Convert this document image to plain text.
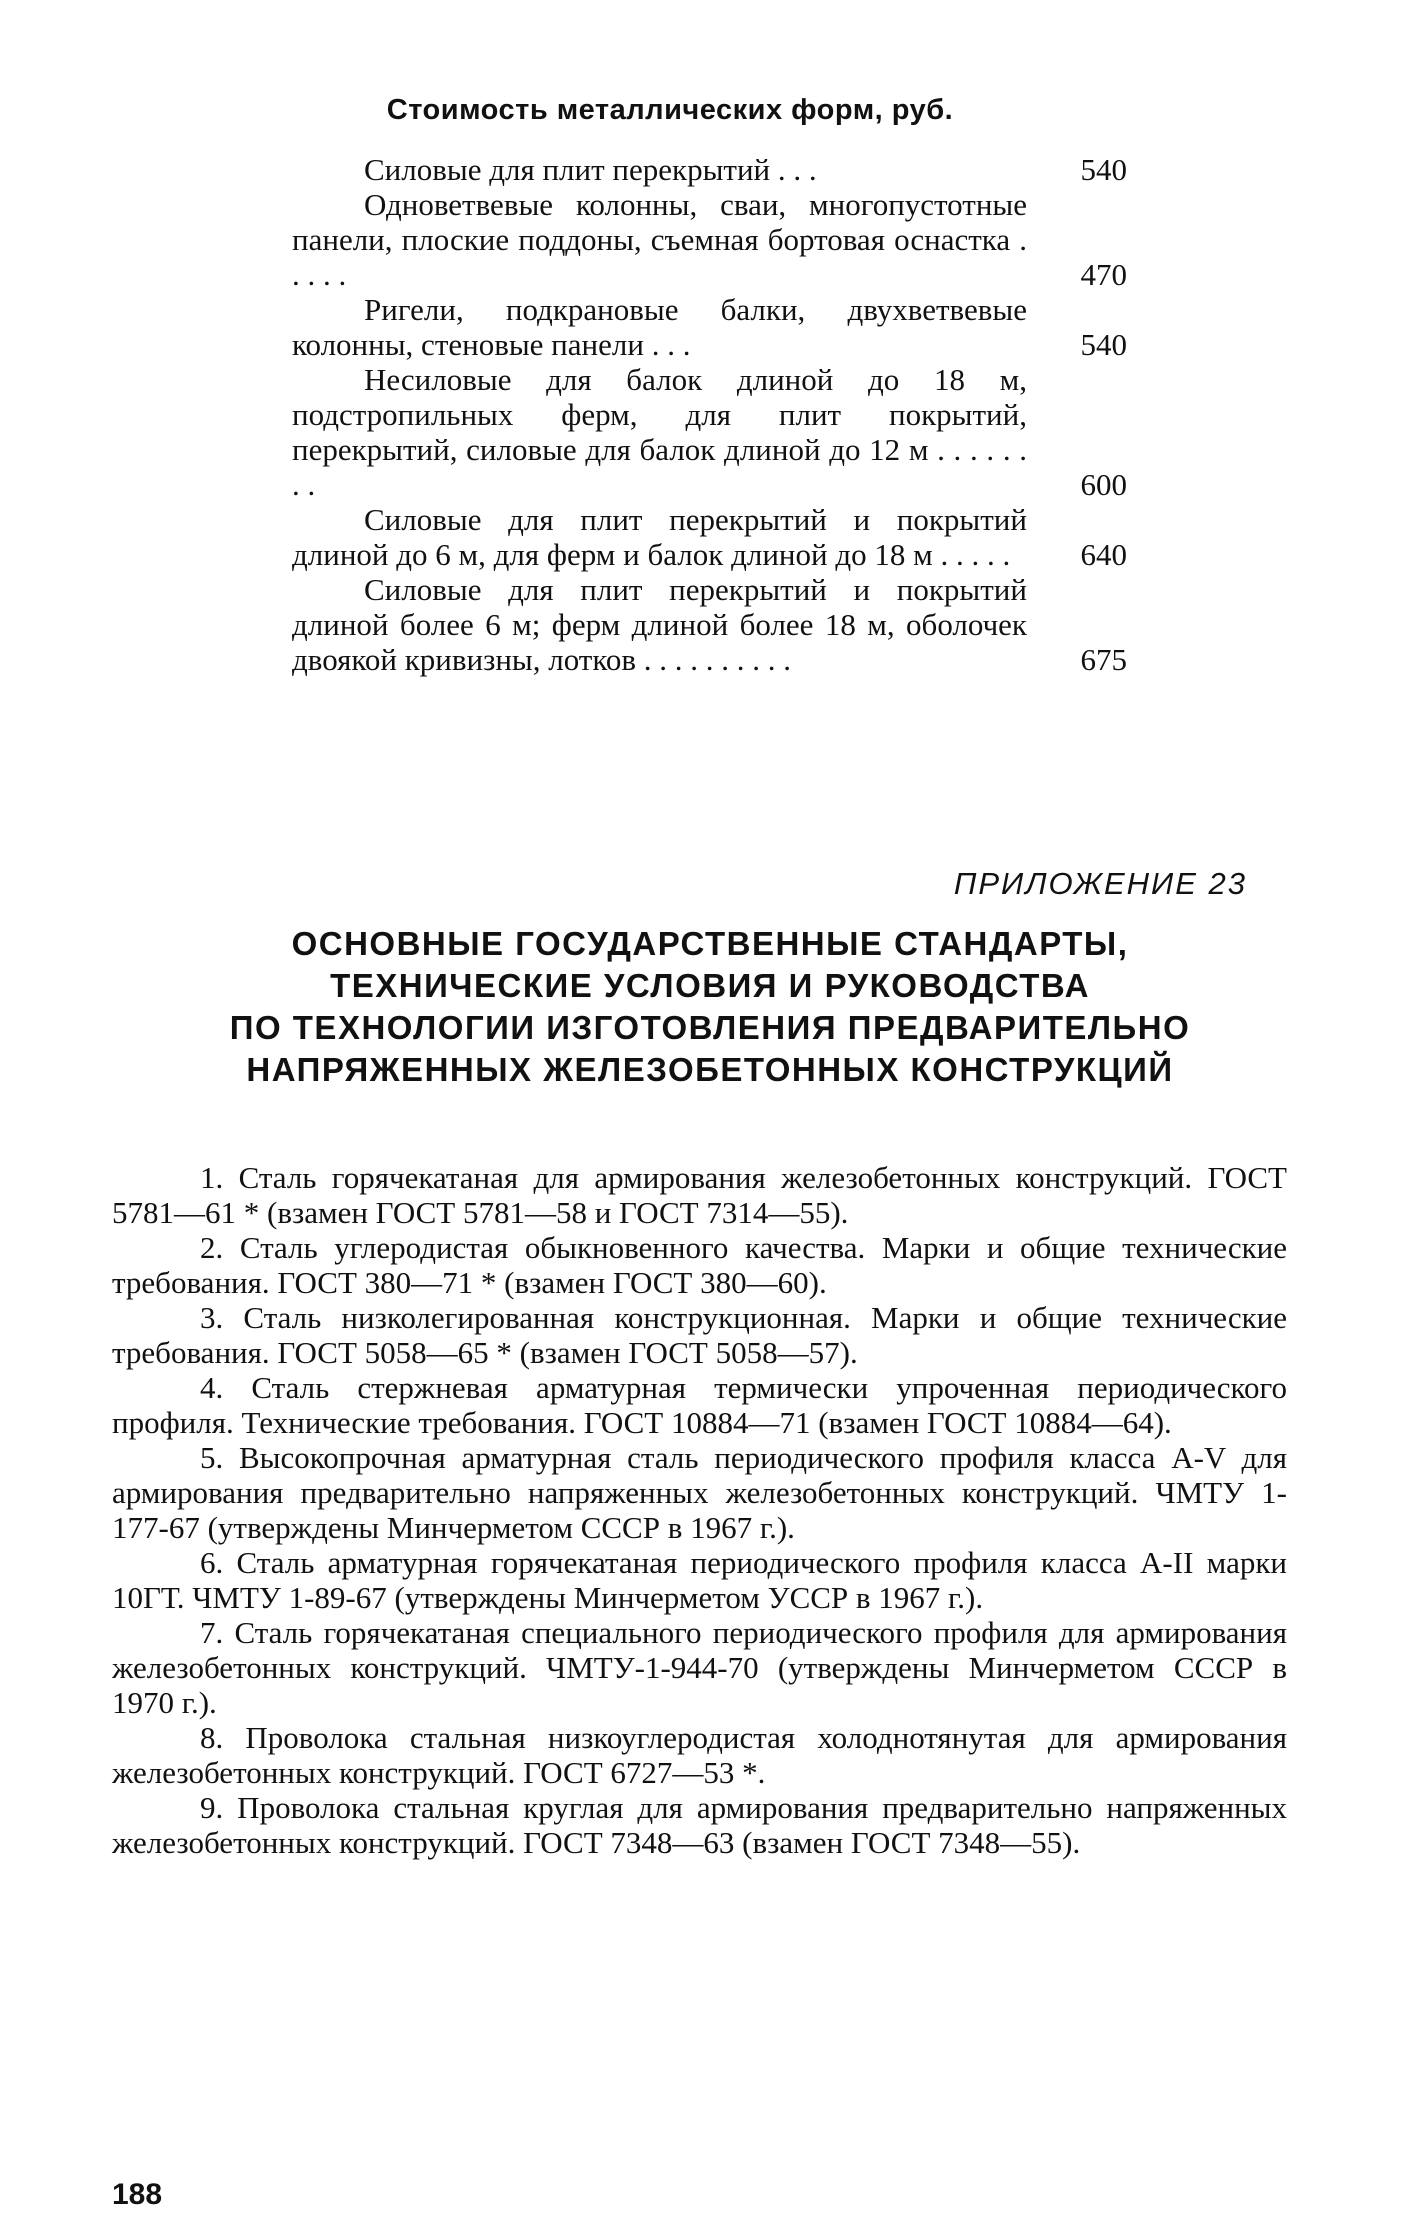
Стоимость металлических форм, руб.
Силовые для плит перекрытий . . .	540
Одноветвевые колонны, сваи, многопустотные панели, плоские поддоны, съемная бортовая оснастка . . . . .	470
Ригели, подкрановые балки, двухветвевые колонны, стеновые панели . . .	540
Несиловые для балок длиной до 18 м, подстропильных ферм, для плит покрытий, перекрытий, силовые для балок длиной до 12 м . . . . . . . .	600
Силовые для плит перекрытий и покрытий длиной до 6 м, для ферм и балок длиной до 18 м . . . . .	640
Силовые для плит перекрытий и покрытий длиной более 6 м; ферм длиной более 18 м, оболочек двоякой кривизны, лотков . . . . . . . . . .	675
ПРИЛОЖЕНИЕ 23
ОСНОВНЫЕ ГОСУДАРСТВЕННЫЕ СТАНДАРТЫ,
ТЕХНИЧЕСКИЕ УСЛОВИЯ И РУКОВОДСТВА
ПО ТЕХНОЛОГИИ ИЗГОТОВЛЕНИЯ ПРЕДВАРИТЕЛЬНО
НАПРЯЖЕННЫХ ЖЕЛЕЗОБЕТОННЫХ КОНСТРУКЦИЙ
1. Сталь горячекатаная для армирования железобетонных конструкций. ГОСТ 5781—61 * (взамен ГОСТ 5781—58 и ГОСТ 7314—55).
2. Сталь углеродистая обыкновенного качества. Марки и общие технические требования. ГОСТ 380—71 * (взамен ГОСТ 380—60).
3. Сталь низколегированная конструкционная. Марки и общие технические требования. ГОСТ 5058—65 * (взамен ГОСТ 5058—57).
4. Сталь стержневая арматурная термически упроченная периодического профиля. Технические требования. ГОСТ 10884—71 (взамен ГОСТ 10884—64).
5. Высокопрочная арматурная сталь периодического профиля класса A-V для армирования предварительно напряженных железобетонных конструкций. ЧМТУ 1-177-67 (утверждены Минчерметом СССР в 1967 г.).
6. Сталь арматурная горячекатаная периодического профиля класса A-II марки 10ГТ. ЧМТУ 1-89-67 (утверждены Минчерметом УССР в 1967 г.).
7. Сталь горячекатаная специального периодического профиля для армирования железобетонных конструкций. ЧМТУ-1-944-70 (утверждены Минчерметом СССР в 1970 г.).
8. Проволока стальная низкоуглеродистая холоднотянутая для армирования железобетонных конструкций. ГОСТ 6727—53 *.
9. Проволока стальная круглая для армирования предварительно напряженных железобетонных конструкций. ГОСТ 7348—63 (взамен ГОСТ 7348—55).
188
